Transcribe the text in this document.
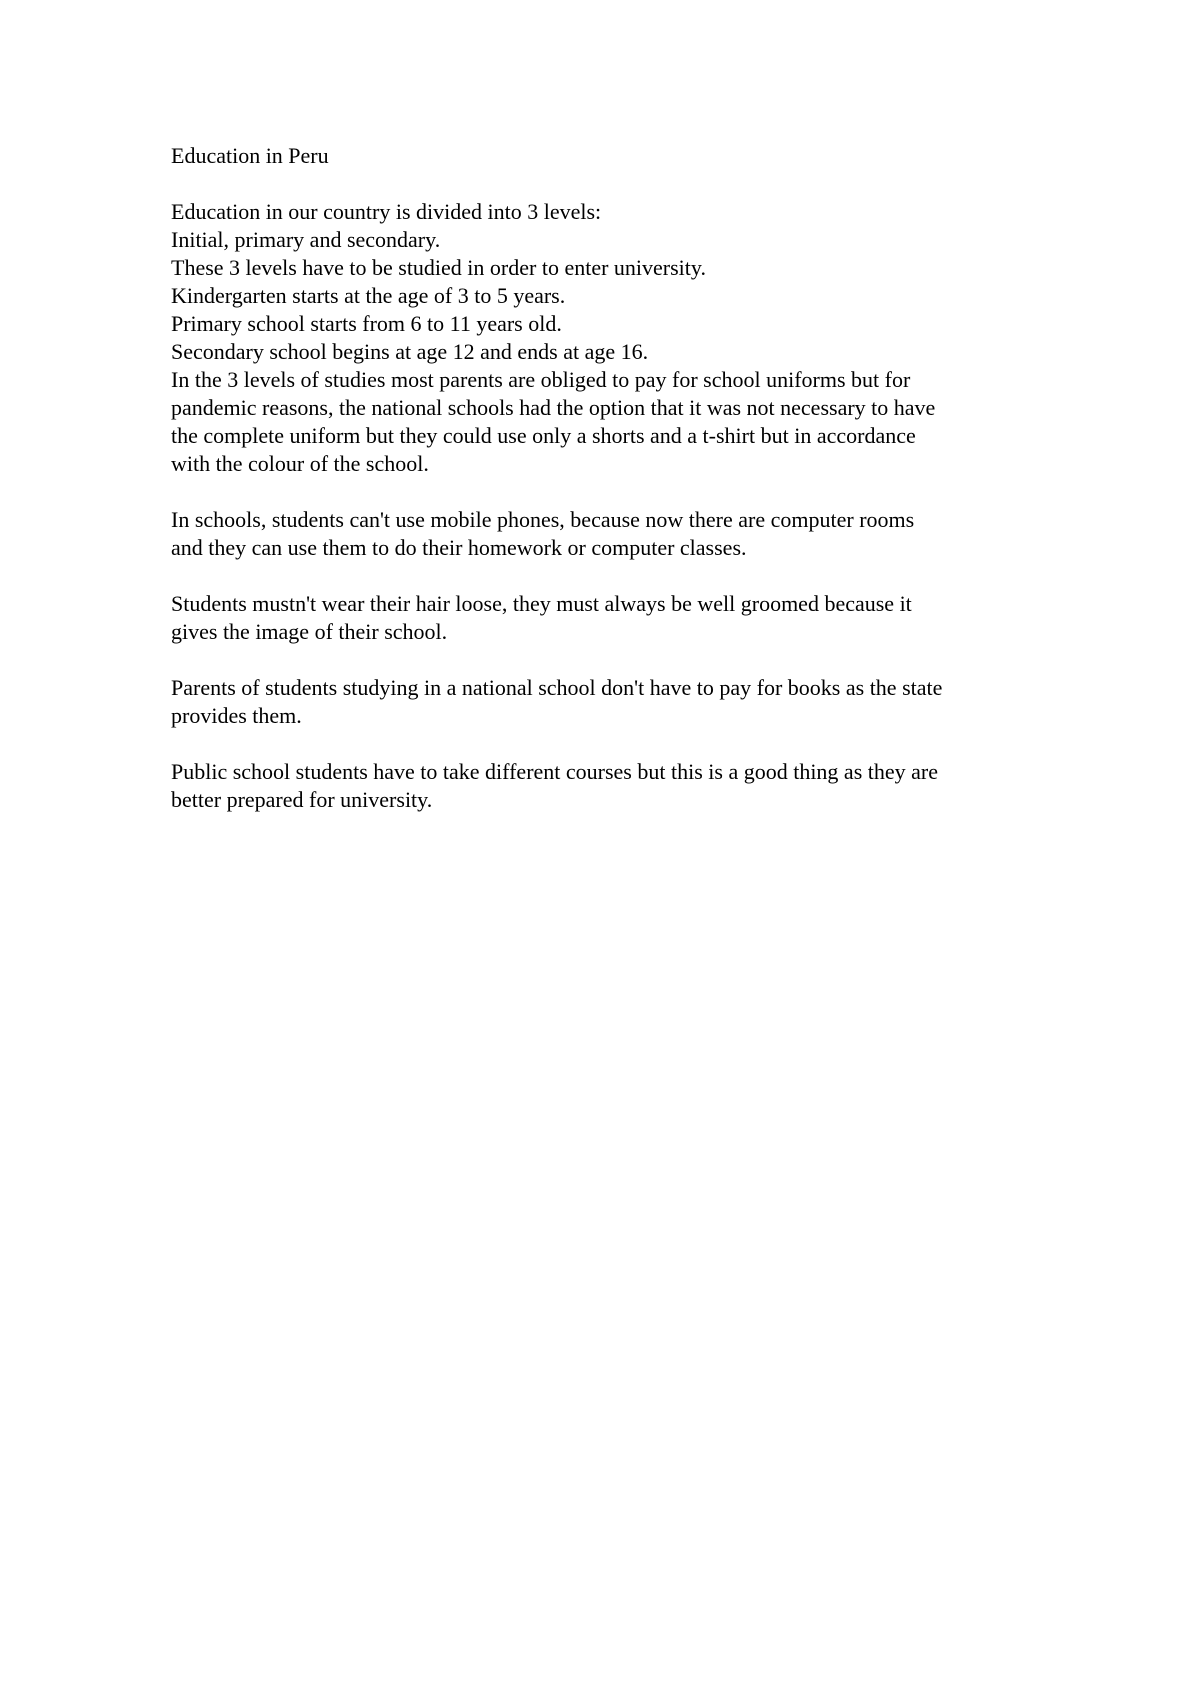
Education in Peru
Education in our country is divided into 3 levels:
Initial, primary and secondary.
These 3 levels have to be studied in order to enter university.
Kindergarten starts at the age of 3 to 5 years.
Primary school starts from 6 to 11 years old.
Secondary school begins at age 12 and ends at age 16.
In the 3 levels of studies most parents are obliged to pay for school uniforms but for
pandemic reasons, the national schools had the option that it was not necessary to have
the complete uniform but they could use only a shorts and a t-shirt but in accordance
with the colour of the school.
In schools, students can't use mobile phones, because now there are computer rooms
and they can use them to do their homework or computer classes.
Students mustn't wear their hair loose, they must always be well groomed because it
gives the image of their school.
Parents of students studying in a national school don't have to pay for books as the state
provides them.
Public school students have to take different courses but this is a good thing as they are
better prepared for university.
